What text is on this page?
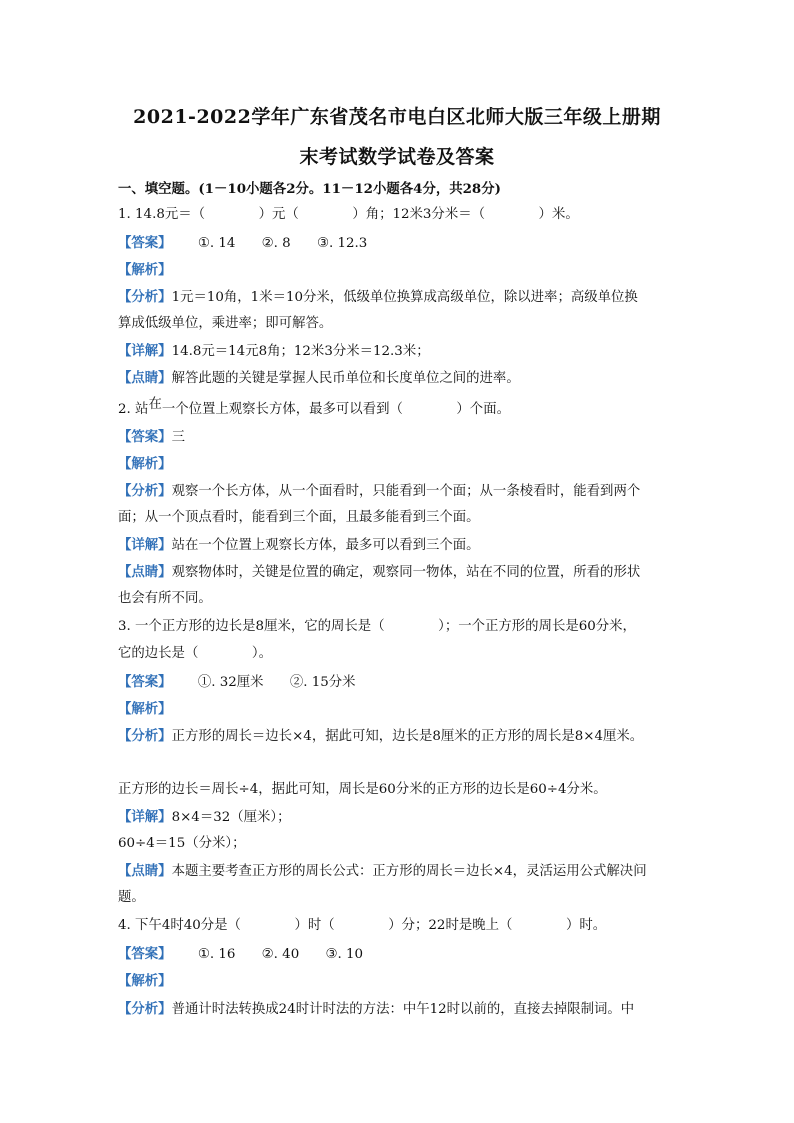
2021-2022学年广东省茂名市电白区北师大版三年级上册期
末考试数学试卷及答案
一、填空题。(1－10小题各2分。11－12小题各4分，共28分)
1. 14.8元＝（　　　　）元（　　　　）角；12米3分米＝（　　　　）米。
【答案】 ①. 14 ②. 8 ③. 12.3
【解析】
【分析】1元＝10角，1米＝10分米，低级单位换算成高级单位，除以进率；高级单位换
算成低级单位，乘进率；即可解答。
【详解】14.8元＝14元8角；12米3分米＝12.3米；
【点睛】解答此题的关键是掌握人民币单位和长度单位之间的进率。
2. 站在一个位置上观察长方体，最多可以看到（　　　　）个面。
【答案】三
【解析】
【分析】观察一个长方体，从一个面看时，只能看到一个面；从一条棱看时，能看到两个
面；从一个顶点看时，能看到三个面，且最多能看到三个面。
【详解】站在一个位置上观察长方体，最多可以看到三个面。
【点睛】观察物体时，关键是位置的确定，观察同一物体，站在不同的位置，所看的形状
也会有所不同。
3. 一个正方形的边长是8厘米，它的周长是（　　　　）；一个正方形的周长是60分米，
它的边长是（　　　　）。
【答案】 ①. 32厘米 ②. 15分米
【解析】
【分析】正方形的周长＝边长×4，据此可知，边长是8厘米的正方形的周长是8×4厘米。
正方形的边长＝周长÷4，据此可知，周长是60分米的正方形的边长是60÷4分米。
【详解】8×4＝32（厘米）；
60÷4＝15（分米）；
【点睛】本题主要考查正方形的周长公式：正方形的周长＝边长×4，灵活运用公式解决问
题。
4. 下午4时40分是（　　　　）时（　　　　）分；22时是晚上（　　　　）时。
【答案】 ①. 16 ②. 40 ③. 10
【解析】
【分析】普通计时法转换成24时计时法的方法：中午12时以前的，直接去掉限制词。中
